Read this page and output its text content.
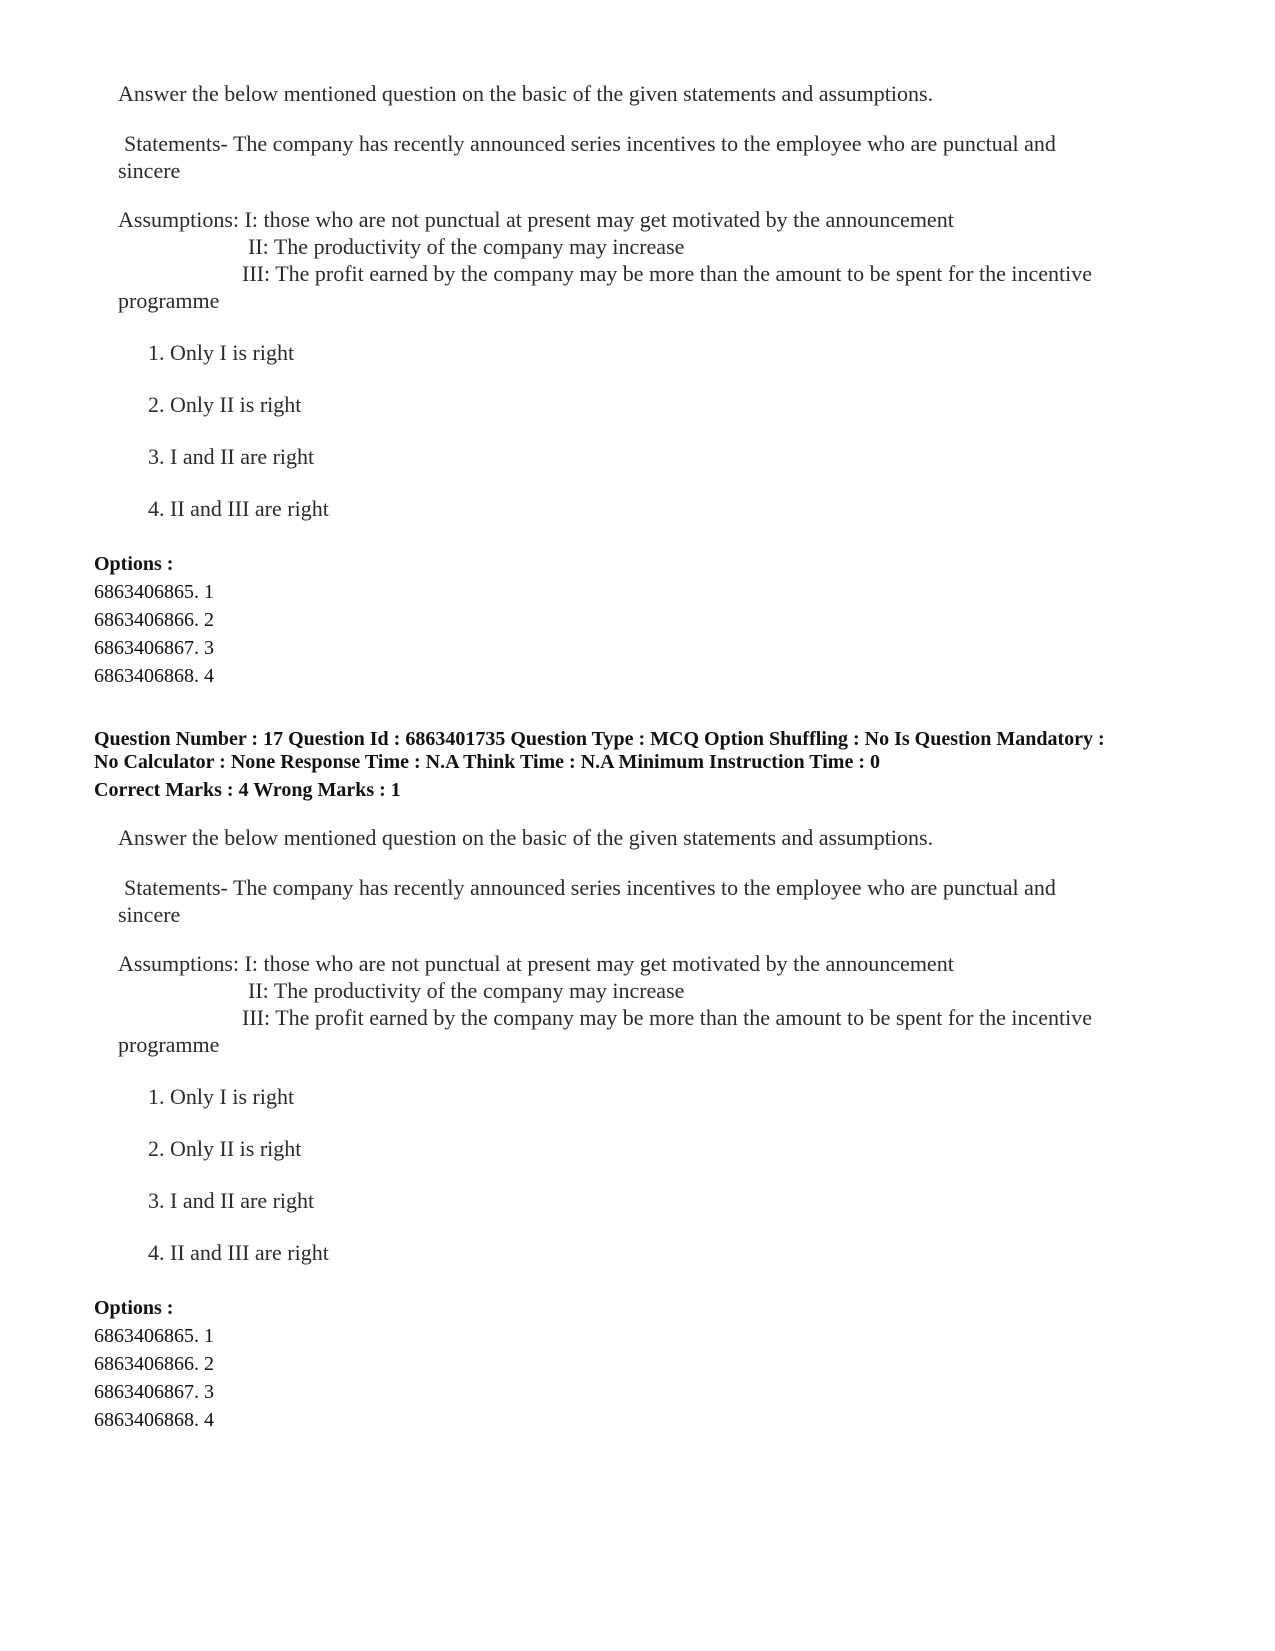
Answer the below mentioned question on the basic of the given statements and assumptions.
Statements- The company has recently announced series incentives to the employee who are punctual and
sincere
Assumptions: I: those who are not punctual at present may get motivated by the announcement
II: The productivity of the company may increase
III: The profit earned by the company may be more than the amount to be spent for the incentive
programme
1. Only I is right
2. Only II is right
3. I and II are right
4. II and III are right
Options :
6863406865. 1
6863406866. 2
6863406867. 3
6863406868. 4
Question Number : 17 Question Id : 6863401735 Question Type : MCQ Option Shuffling : No Is Question Mandatory :
No Calculator : None Response Time : N.A Think Time : N.A Minimum Instruction Time : 0
Correct Marks : 4 Wrong Marks : 1
Answer the below mentioned question on the basic of the given statements and assumptions.
Statements- The company has recently announced series incentives to the employee who are punctual and
sincere
Assumptions: I: those who are not punctual at present may get motivated by the announcement
II: The productivity of the company may increase
III: The profit earned by the company may be more than the amount to be spent for the incentive
programme
1. Only I is right
2. Only II is right
3. I and II are right
4. II and III are right
Options :
6863406865. 1
6863406866. 2
6863406867. 3
6863406868. 4
